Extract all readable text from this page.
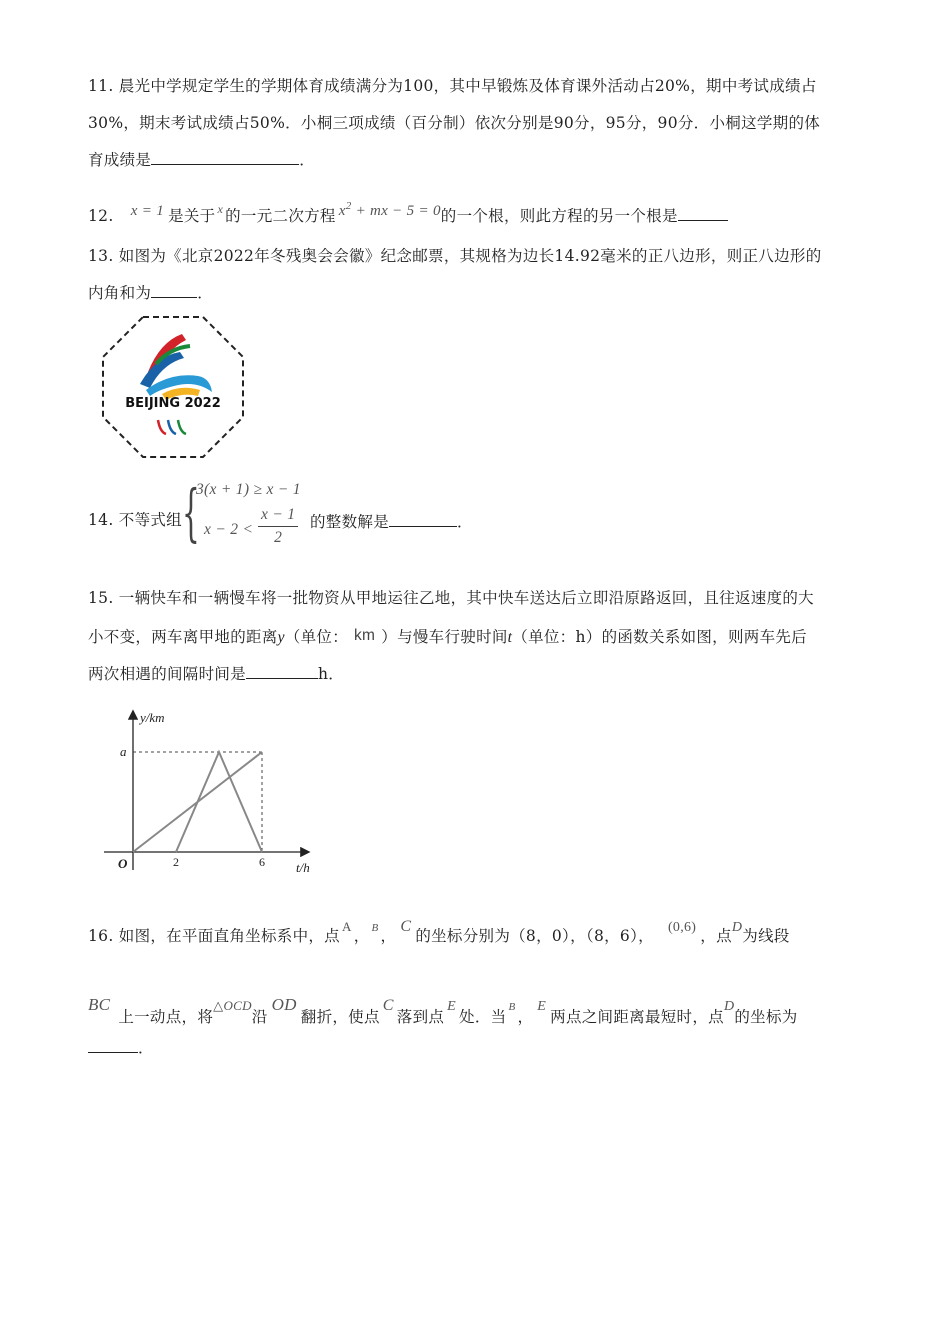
11. 晨光中学规定学生的学期体育成绩满分为100，其中早锻炼及体育课外活动占20%，期中考试成绩占
30%，期末考试成绩占50%．小桐三项成绩（百分制）依次分别是90分，95分，90分．小桐这学期的体
育成绩是	．
12. x = 1 是关于 $^x$ 的一元二次方程 $x^2$ + mx − 5 = 0的一个根，则此方程的另一个根是
13. 如图为《北京2022年冬残奥会会徽》纪念邮票，其规格为边长14.92毫米的正八边形，则正八边形的
内角和为	．
BEIJING 2022
14. 不等式组 {
3(x + 1) ≥ x − 1
$x - 2 < \frac{x - 1}{2}$ 的整数解是	．
15. 一辆快车和一辆慢车将一批物资从甲地运往乙地，其中快车送达后立即沿原路返回，且往返速度的大
小不变，两车离甲地的距离y（单位： km ）与慢车行驶时间t（单位：h）的函数关系如图，则两车先后
两次相遇的间隔时间是	h．
y/km
t/h
O
a
2	6
16. 如图，在平面直角坐标系中，点$^A$， $^B$ ，C的坐标分别为（8，0），（8，6）， (0,6) ，点D为线段
BC上一动点，将$^{\triangle OCD}$沿OD翻折，使点C落到点E处．当$^B$，E两点之间距离最短时，点D的坐标为
．
